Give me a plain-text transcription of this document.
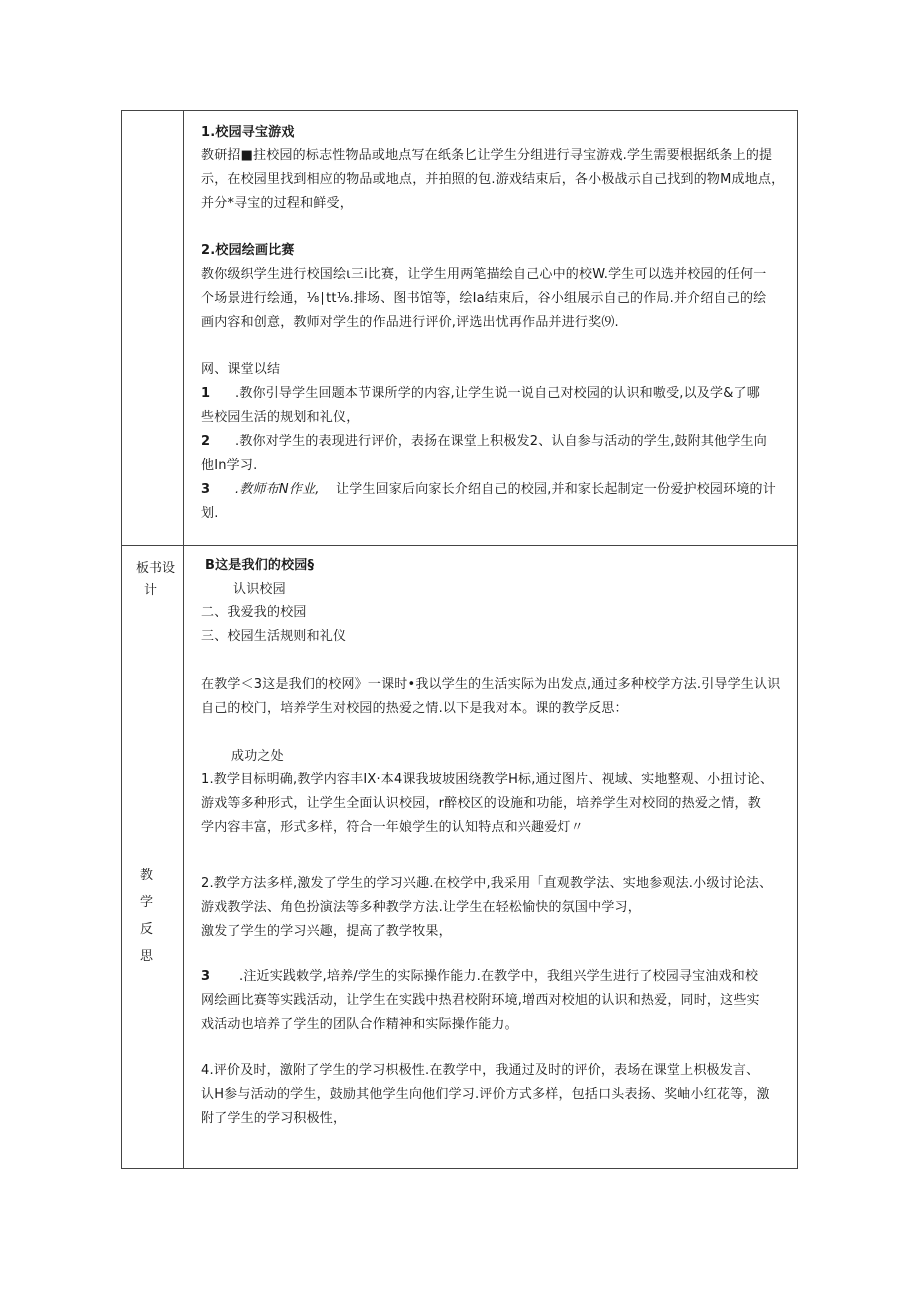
1.校园寻宝游戏
教研招■拄校园的标志性物品或地点写在纸条匕让学生分组进行寻宝游戏.学生需要根据纸条上的提
示，在校园里找到相应的物品或地点，并拍照的包.游戏结束后，各小极战示自己找到的物M成地点，
并分*寻宝的过程和鲜受，
2.校园绘画比赛
教你级织学生进行校国绘ι三i比赛，让学生用两笔描绘自己心中的校W.学生可以选并校园的任何一
个场景进行绘通，⅛∣tt⅛.排场、图书馆等，绘Ia结束后，谷小组展示自己的作局.并介绍自己的绘
画内容和创意，教师对学生的作品进行评价,评选出忧再作品并进行奖⑼.
网、课堂以结
1 .教你引导学生回题本节课所学的内容,让学生说一说自己对校园的认识和嗷受,以及学&了哪
些校园生活的规划和礼仪，
2 .教你对学生的表现进行评价，表扬在课堂上积极发2、认自参与活动的学生,鼓附其他学生向
他In学习.
3 .教师布N作业, 让学生回家后向家长介绍自己的校园,并和家长起制定一份爱护校园环境的计
划.
板书设
计
B这是我们的校园§
认识校园
二、我爱我的校园
三、校园生活规则和礼仪
教
学
反
思
在教学＜3这是我们的校网》一课时•我以学生的生活实际为出发点,通过多种校学方法.引导学生认识
自己的校门，培养学生对校园的热爱之情.以下是我对本。课的教学反思：
成功之处
1.教学目标明确,教学内容丰IX·本4课我坡坡困绕教学H标,通过图片、视域、实地整观、小扭讨论、
游戏等多种形式，让学生全面认识校园，r醉校区的设施和功能，培养学生对校冏的热爱之情，教
学内容丰富，形式多样，符合一年娘学生的认知特点和兴趣爱灯〃
2.教学方法多样,激发了学生的学习兴趣.在校学中,我采用「直观教学法、实地参观法.小级讨论法、
游戏教学法、角色扮演法等多种教学方法.让学生在轻松愉快的氛国中学习，
激发了学生的学习兴趣，提高了教学牧果，
3 .注近实践敕学,培养/学生的实际操作能力.在教学中，我组兴学生进行了校园寻宝油戏和校
网绘画比赛等实践活动，让学生在实践中热君校附环境,增西对校旭的认识和热爱，同时，这些实
戏活动也培养了学生的团队合作精神和实际操作能力。
4.评价及时，激附了学生的学习枳极性.在教学中，我通过及时的评价，表场在课堂上枳极发言、
认H参与活动的学生，鼓励其他学生向他们学习.评价方式多样，包括口头表扬、奖岫小红花等，激
附了学生的学习积极性，
